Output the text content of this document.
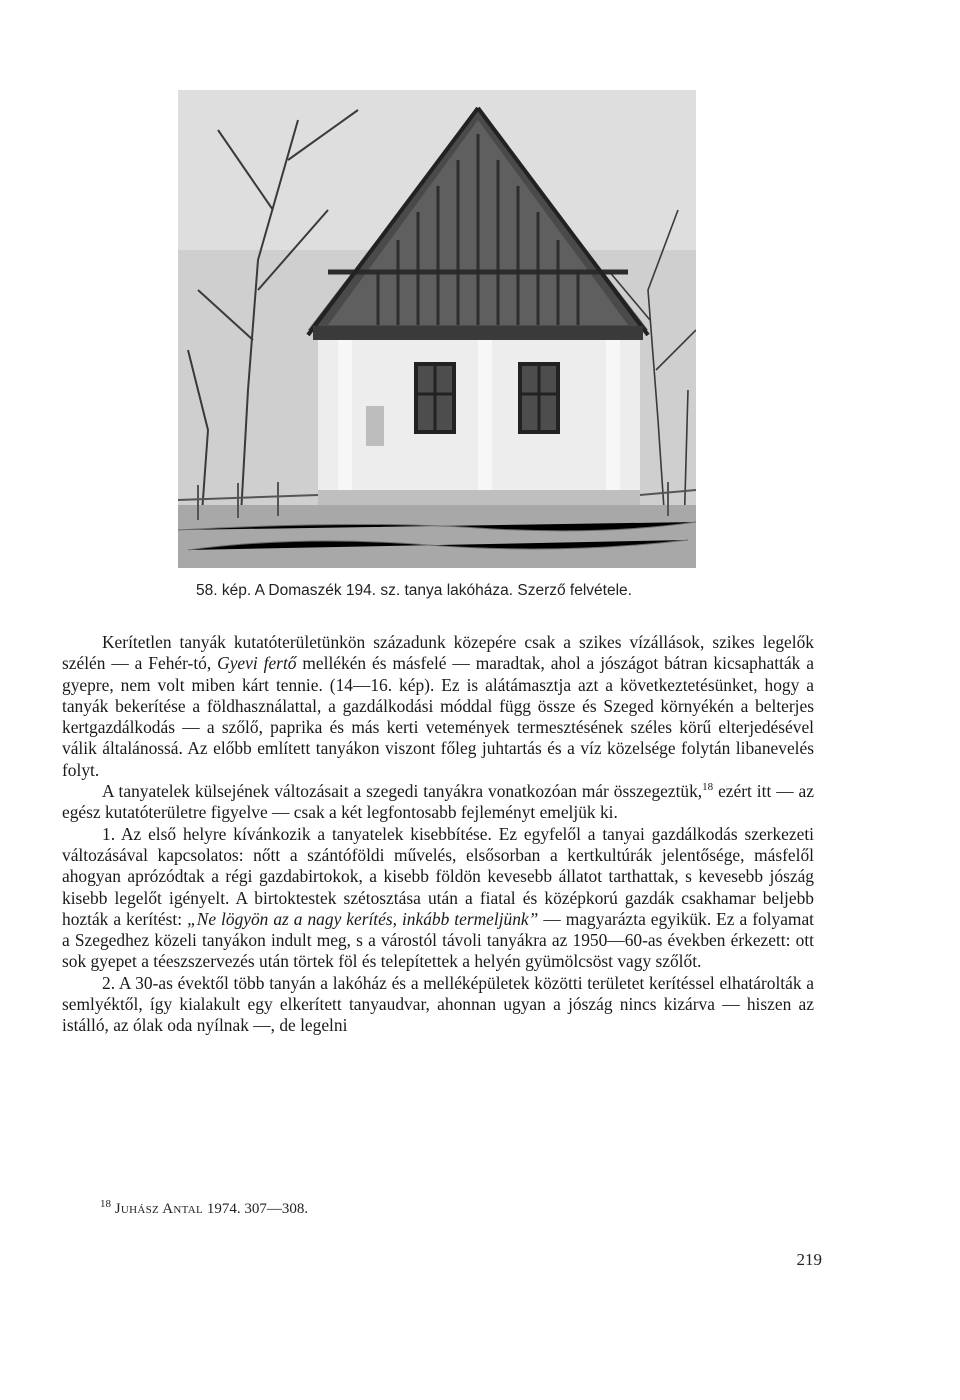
58. kép. A Domaszék 194. sz. tanya lakóháza. Szerző felvétele.

Kerítetlen tanyák kutatóterületünkön századunk közepére csak a szikes vízállások, szikes legelők szélén — a Fehér-tó, Gyevi fertő mellékén és másfelé — maradtak, ahol a jószágot bátran kicsaphatták a gyepre, nem volt miben kárt tennie. (14—16. kép). Ez is alátámasztja azt a következtetésünket, hogy a tanyák bekerítése a földhasználattal, a gazdálkodási móddal függ össze és Szeged környékén a belterjes kertgazdálkodás — a szőlő, paprika és más kerti vetemények termesztésének széles körű elterjedésével válik általánossá. Az előbb említett tanyákon viszont főleg juhtartás és a víz közelsége folytán libanevelés folyt.

A tanyatelek külsejének változásait a szegedi tanyákra vonatkozóan már összegeztük,$^{18}$ ezért itt — az egész kutatóterületre figyelve — csak a két legfontosabb fejleményt emeljük ki.

1. Az első helyre kívánkozik a tanyatelek kisebbítése. Ez egyfelől a tanyai gazdálkodás szerkezeti változásával kapcsolatos: nőtt a szántóföldi művelés, elsősorban a kertkultúrák jelentősége, másfelől ahogyan aprózódtak a régi gazdabirtokok, a kisebb földön kevesebb állatot tarthattak, s kevesebb jószág kisebb legelőt igényelt. A birtoktestek szétosztása után a fiatal és középkorú gazdák csakhamar beljebb hozták a kerítést: „Ne lögyön az a nagy kerítés, inkább termeljünk” — magyarázta egyikük. Ez a folyamat a Szegedhez közeli tanyákon indult meg, s a várostól távoli tanyákra az 1950—60-as években érkezett: ott sok gyepet a téeszszervezés után törtek föl és telepítettek a helyén gyümölcsöst vagy szőlőt.

2. A 30-as évektől több tanyán a lakóház és a melléképületek közötti területet kerítéssel elhatárolták a semlyéktől, így kialakult egy elkerített tanyaudvar, ahonnan ugyan a jószág nincs kizárva — hiszen az istálló, az ólak oda nyílnak —, de legelni

$^{18}$ Juhász Antal 1974. 307—308.
219
